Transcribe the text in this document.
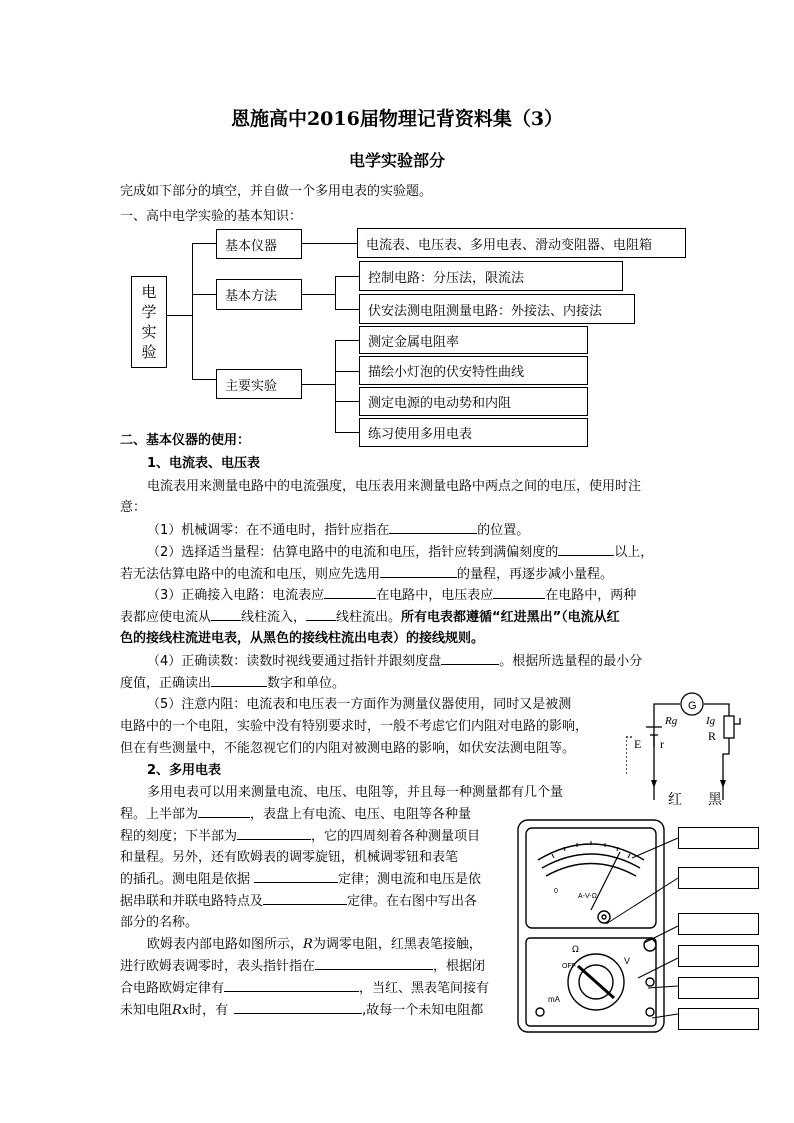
恩施高中2016届物理记背资料集（3）
电学实验部分
完成如下部分的填空，并自做一个多用电表的实验题。
一、高中电学实验的基本知识：
电
学
实
验
基本仪器
基本方法
主要实验
电流表、电压表、多用电表、滑动变阻器、电阻箱
控制电路：分压法，限流法
伏安法测电阻测量电路：外接法、内接法
测定金属电阻率
描绘小灯泡的伏安特性曲线
测定电源的电动势和内阻
练习使用多用电表
二、基本仪器的使用：
1、电流表、电压表
电流表用来测量电路中的电流强度，电压表用来测量电路中两点之间的电压，使用时注
意：
（1）机械调零：在不通电时，指针应指在	的位置。
（2）选择适当量程：估算电路中的电流和电压，指针应转到满偏刻度的	以上，
若无法估算电路中的电流和电压，则应先选用	的量程，再逐步减小量程。
（3）正确接入电路：电流表应	在电路中，电压表应	在电路中，两种
表都应使电流从 线柱流入， 线柱流出。所有电表都遵循“红进黑出”（电流从红
色的接线柱流进电表，从黑色的接线柱流出电表）的接线规则。
（4）正确读数：读数时视线要通过指针并跟刻度盘	。根据所选量程的最小分
度值，正确读出	数字和单位。
（5）注意内阻：电流表和电压表一方面作为测量仪器使用，同时又是被测
电路中的一个电阻，实验中没有特别要求时，一般不考虑它们内阻对电路的影响，
但在有些测量中，不能忽视它们的内阻对被测电路的影响，如伏安法测电阻等。
2、多用电表
多用电表可以用来测量电流、电压、电阻等，并且每一种测量都有几个量
程。上半部为	，表盘上有电流、电压、电阻等各种量
程的刻度；下半部为	，它的四周刻着各种测量项目
和量程。另外，还有欧姆表的调零旋钮，机械调零钮和表笔
的插孔。测电阻是依据	定律；测电流和电压是依
据串联和并联电路特点及	定律。在右图中写出各
部分的名称。
欧姆表内部电路如图所示，R为调零电阻，红黑表笔接触，
进行欧姆表调零时，表头指针指在	，根据闭
合电路欧姆定律有	，当红、黑表笔间接有
未知电阻Rx时，有	,故每一个未知电阻都
G
Rg	Ig
E r
R
红 黑
A-V-Ω
0
OFF
V
mA
Ω
